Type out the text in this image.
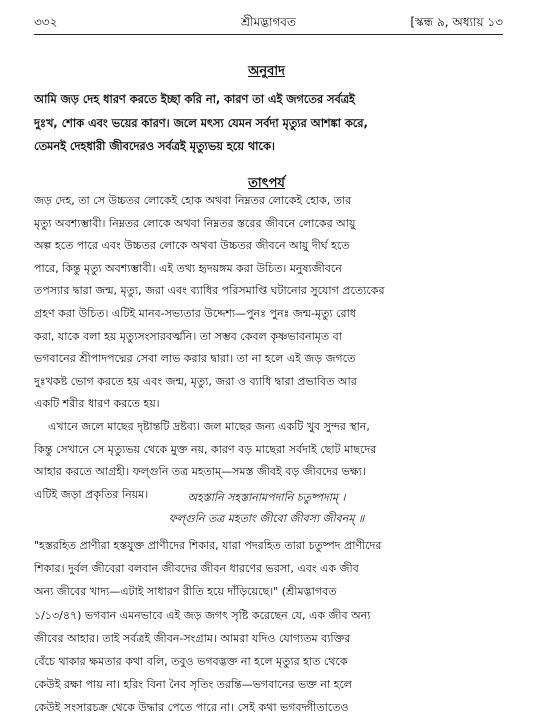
৩৩২	শ্রীমদ্ভাগবত	[স্কন্ধ ৯, অধ্যায় ১৩
অনুবাদ
আমি জড় দেহ ধারণ করতে ইচ্ছা করি না, কারণ তা এই জগতের সর্বত্রই
দুঃখ, শোক এবং ভয়ের কারণ। জলে মৎস্য যেমন সর্বদা মৃত্যুর আশঙ্কা করে,
তেমনই দেহধারী জীবদেরও সর্বত্রই মৃত্যুভয় হয়ে থাকে।
তাৎপর্য
জড় দেহ, তা সে উচ্চতর লোকেই হোক অথবা নিম্নতর লোকেই হোক, তার
মৃত্যু অবশ্যম্ভাবী। নিম্নতর লোকে অথবা নিম্নতর স্তরের জীবনে লোকের আয়ু
অল্প হতে পারে এবং উচ্চতর লোকে অথবা উচ্চতর জীবনে আয়ু দীর্ঘ হতে
পারে, কিন্তু মৃত্যু অবশ্যম্ভাবী। এই তথ্য হৃদয়ঙ্গম করা উচিত। মনুষ্যজীবনে
তপস্যার দ্বারা জন্ম, মৃত্যু, জরা এবং ব্যাধির পরিসমাপ্তি ঘটানোর সুযোগ প্রত্যেকের
গ্রহণ করা উচিত। এটিই মানব-সভ্যতার উদ্দেশ্য—পুনঃ পুনঃ জন্ম-মৃত্যু রোধ
করা, যাকে বলা হয় মৃত্যুসংসারবর্ত্মনি। তা সম্ভব কেবল কৃষ্ণভাবনামৃত বা
ভগবানের শ্রীপাদপদ্মের সেবা লাভ করার দ্বারা। তা না হলে এই জড় জগতে
দুঃখকষ্ট ভোগ করতে হয় এবং জন্ম, মৃত্যু, জরা ও ব্যাধি দ্বারা প্রভাবিত আর
একটি শরীর ধারণ করতে হয়।
এখানে জলে মাছের দৃষ্টান্তটি দ্রষ্টব্য। জল মাছের জন্য একটি খুব সুন্দর স্থান,
কিন্তু সেখানে সে মৃত্যুভয় থেকে মুক্ত নয়, কারণ বড় মাছেরা সর্বদাই ছোট মাছদের
আহার করতে আগ্রহী। ফল্গুনি তত্র মহতাম্—সমস্ত জীবই বড় জীবদের ভক্ষ্য।
এটিই জড়া প্রকৃতির নিয়ম।	অহস্তানি সহস্তানামপদানি চতুষ্পদাম্ ।
ফল্গুনি তত্র মহতাং জীবো জীবস্য জীবনম্ ॥
"হস্তরহিত প্রাণীরা হস্তযুক্ত প্রাণীদের শিকার, যারা পদরহিত তারা চতুষ্পদ প্রাণীদের
শিকার। দুর্বল জীবেরা বলবান জীবদের জীবন ধারণের ভরসা, এবং এক জীব
অন্য জীবের খাদ্য—এটাই সাধারণ রীতি হয়ে দাঁড়িয়েছে।" (শ্রীমদ্ভাগবত
১/১৩/৪৭) ভগবান এমনভাবে এই জড় জগৎ সৃষ্টি করেছেন যে, এক জীব অন্য
জীবের আহার। তাই সর্বত্রই জীবন-সংগ্রাম। আমরা যদিও যোগ্যতম ব্যক্তির
বেঁচে থাকার ক্ষমতার কথা বলি, তবুও ভগবদ্ভক্ত না হলে মৃত্যুর হাত থেকে
কেউই রক্ষা পায় না। হরিং বিনা নৈব সৃতিং তরন্তি—ভগবানের ভক্ত না হলে
কেউই সংসারচক্র থেকে উদ্ধার পেতে পারে না। সেই কথা ভগবদ্গীতাতেও
